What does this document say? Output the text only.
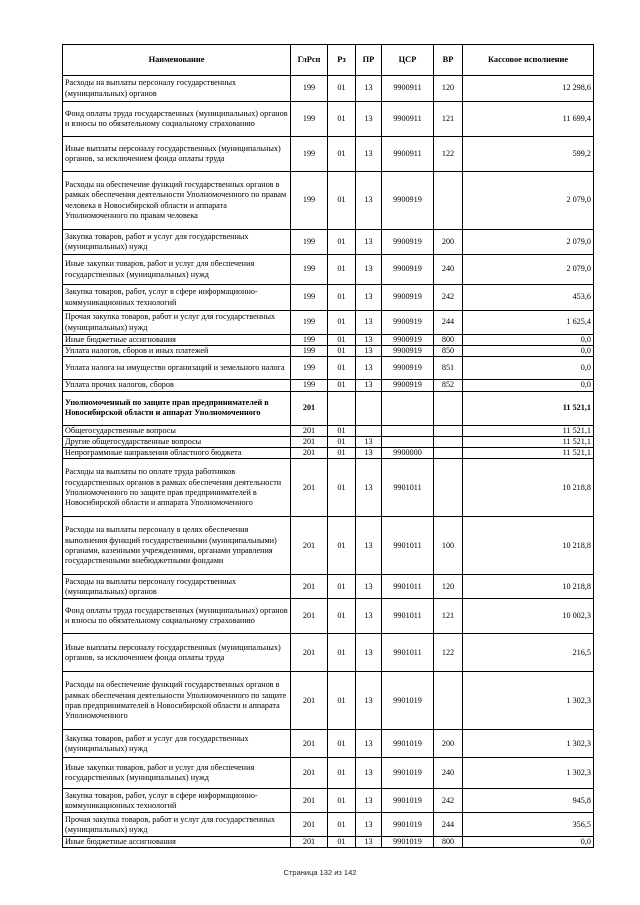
Наименование	ГлРсп	Рз	ПР	ЦСР	ВР	Кассовое исполнение
Расходы на выплаты персоналу государственных (муниципальных) органов	199	01	13	9900911	120	12 298,6
Фонд оплаты труда государственных (муниципальных) органов и взносы по обязательному социальному страхованию	199	01	13	9900911	121	11 699,4
Иные выплаты персоналу государственных (муниципальных) органов, за исключением фонда оплаты труда	199	01	13	9900911	122	599,2
Расходы на обеспечение функций государственных органов в рамках обеспечения деятельности Уполномоченного по правам человека в Новосибирской области и аппарата Уполномоченного по правам человека	199	01	13	9900919		2 079,0
Закупка товаров, работ и услуг для государственных (муниципальных) нужд	199	01	13	9900919	200	2 079,0
Иные закупки товаров, работ и услуг для обеспечения государственных (муниципальных) нужд	199	01	13	9900919	240	2 079,0
Закупка товаров, работ, услуг в сфере информационно-коммуникационных технологий	199	01	13	9900919	242	453,6
Прочая закупка товаров, работ и услуг для государственных (муниципальных) нужд	199	01	13	9900919	244	1 625,4
Иные бюджетные ассигнования	199	01	13	9900919	800	0,0
Уплата налогов, сборов и иных платежей	199	01	13	9900919	850	0,0
Уплата налога на имущество организаций и земельного налога	199	01	13	9900919	851	0,0
Уплата прочих налогов, сборов	199	01	13	9900919	852	0,0
Уполномоченный по защите прав предпринимателей в Новосибирской области и аппарат Уполномоченного	201					11 521,1
Общегосударственные вопросы	201	01				11 521,1
Другие общегосударственные вопросы	201	01	13			11 521,1
Непрограммные направления областного бюджета	201	01	13	9900000		11 521,1
Расходы на выплаты по оплате труда работников государственных органов в рамках обеспечения деятельности Уполномоченного по защите прав предпринимателей в Новосибирской области и аппарата Уполномоченного	201	01	13	9901011		10 218,8
Расходы на выплаты персоналу в целях обеспечения выполнения функций государственными (муниципальными) органами, казенными учреждениями, органами управления государственными внебюджетными фондами	201	01	13	9901011	100	10 218,8
Расходы на выплаты персоналу государственных (муниципальных) органов	201	01	13	9901011	120	10 218,8
Фонд оплаты труда государственных (муниципальных) органов и взносы по обязательному социальному страхованию	201	01	13	9901011	121	10 002,3
Иные выплаты персоналу государственных (муниципальных) органов, за исключением фонда оплаты труда	201	01	13	9901011	122	216,5
Расходы на обеспечение функций государственных органов в рамках обеспечения деятельности Уполномоченного по защите прав предпринимателей в Новосибирской области и аппарата Уполномоченного	201	01	13	9901019		1 302,3
Закупка товаров, работ и услуг для государственных (муниципальных) нужд	201	01	13	9901019	200	1 302,3
Иные закупки товаров, работ и услуг для обеспечения государственных (муниципальных) нужд	201	01	13	9901019	240	1 302,3
Закупка товаров, работ, услуг в сфере информационно-коммуникационных технологий	201	01	13	9901019	242	945,8
Прочая закупка товаров, работ и услуг для государственных (муниципальных) нужд	201	01	13	9901019	244	356,5
Иные бюджетные ассигнования	201	01	13	9901019	800	0,0
Страница 132 из 142
